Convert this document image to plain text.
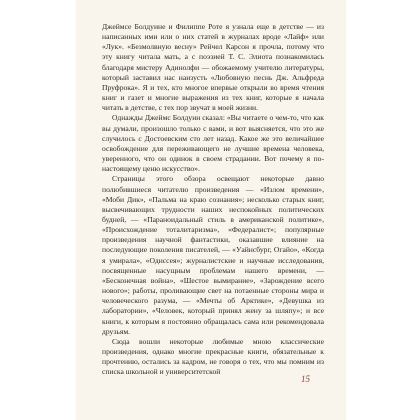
Джеймсе Болдуине и Филиппе Роте я узнала еще в детстве — из написанных ими или о них статей в журналах вроде «Лайф» или «Лук». «Безмолвную весну» Рейчел Карсон я прочла, потому что эту книгу читала мать, а с поэзией Т. С. Элиота познакомилась благодаря мистеру Адинолфи — обожаемому учителю литературы, который заставил нас наизусть «Любовную песнь Дж. Альфреда Пруфрока». Я и тех, кто многое впервые открыли во время чтения книг и газет и многие выражения из тех книг, которые я начала читать в детстве, с тех пор звучат в моей жизни.

Однажды Джеймс Болдуин сказал: «Вы читаете о чем-то, что как вы думали, произошло только с вами, и вот выясняется, что это же случилось с Достоевским сто лет назад. Какое же это величайшее освобождение для переживающего не лучшие времена человека, уверенного, что он одинок в своем страдании. Вот почему я по-настоящему ценю искусство».

Страницы этого обзора освещают некоторые давно полюбившиеся читателю произведения — «Излом времени», «Моби Дик», «Пальма на краю сознания»; несколько старых книг, высвечивающих трудности наших неспокойных политических будней, — «Параноидальный стиль в американской политике», «Происхождение тоталитаризма», «Федералист»; популярные произведения научной фантастики, оказавшие влияние на последующие поколения писателей, — «Уайнсбург, Огайо», «Когда я умирала», «Одиссея»; журналистские и научные исследования, посвященные насущным проблемам нашего времени, — «Бесконечная война», «Шестое вымирание», «Зарождение всего нового»; работы, проливающие свет на потаенные стороны мира и человеческого разума, — «Мечты об Арктике», «Девушка из лаборатории», «Человек, который принял жену за шляпу»; и все книги, к которым я постоянно обращалась сама или рекомендовала друзьям.

Сюда вошли некоторые любимые мною классические произведения, однако многие прекрасные книги, обязательные к прочтению, остались за кадром, не говоря о тех, что мы помним из списка школьной и университетской

15
